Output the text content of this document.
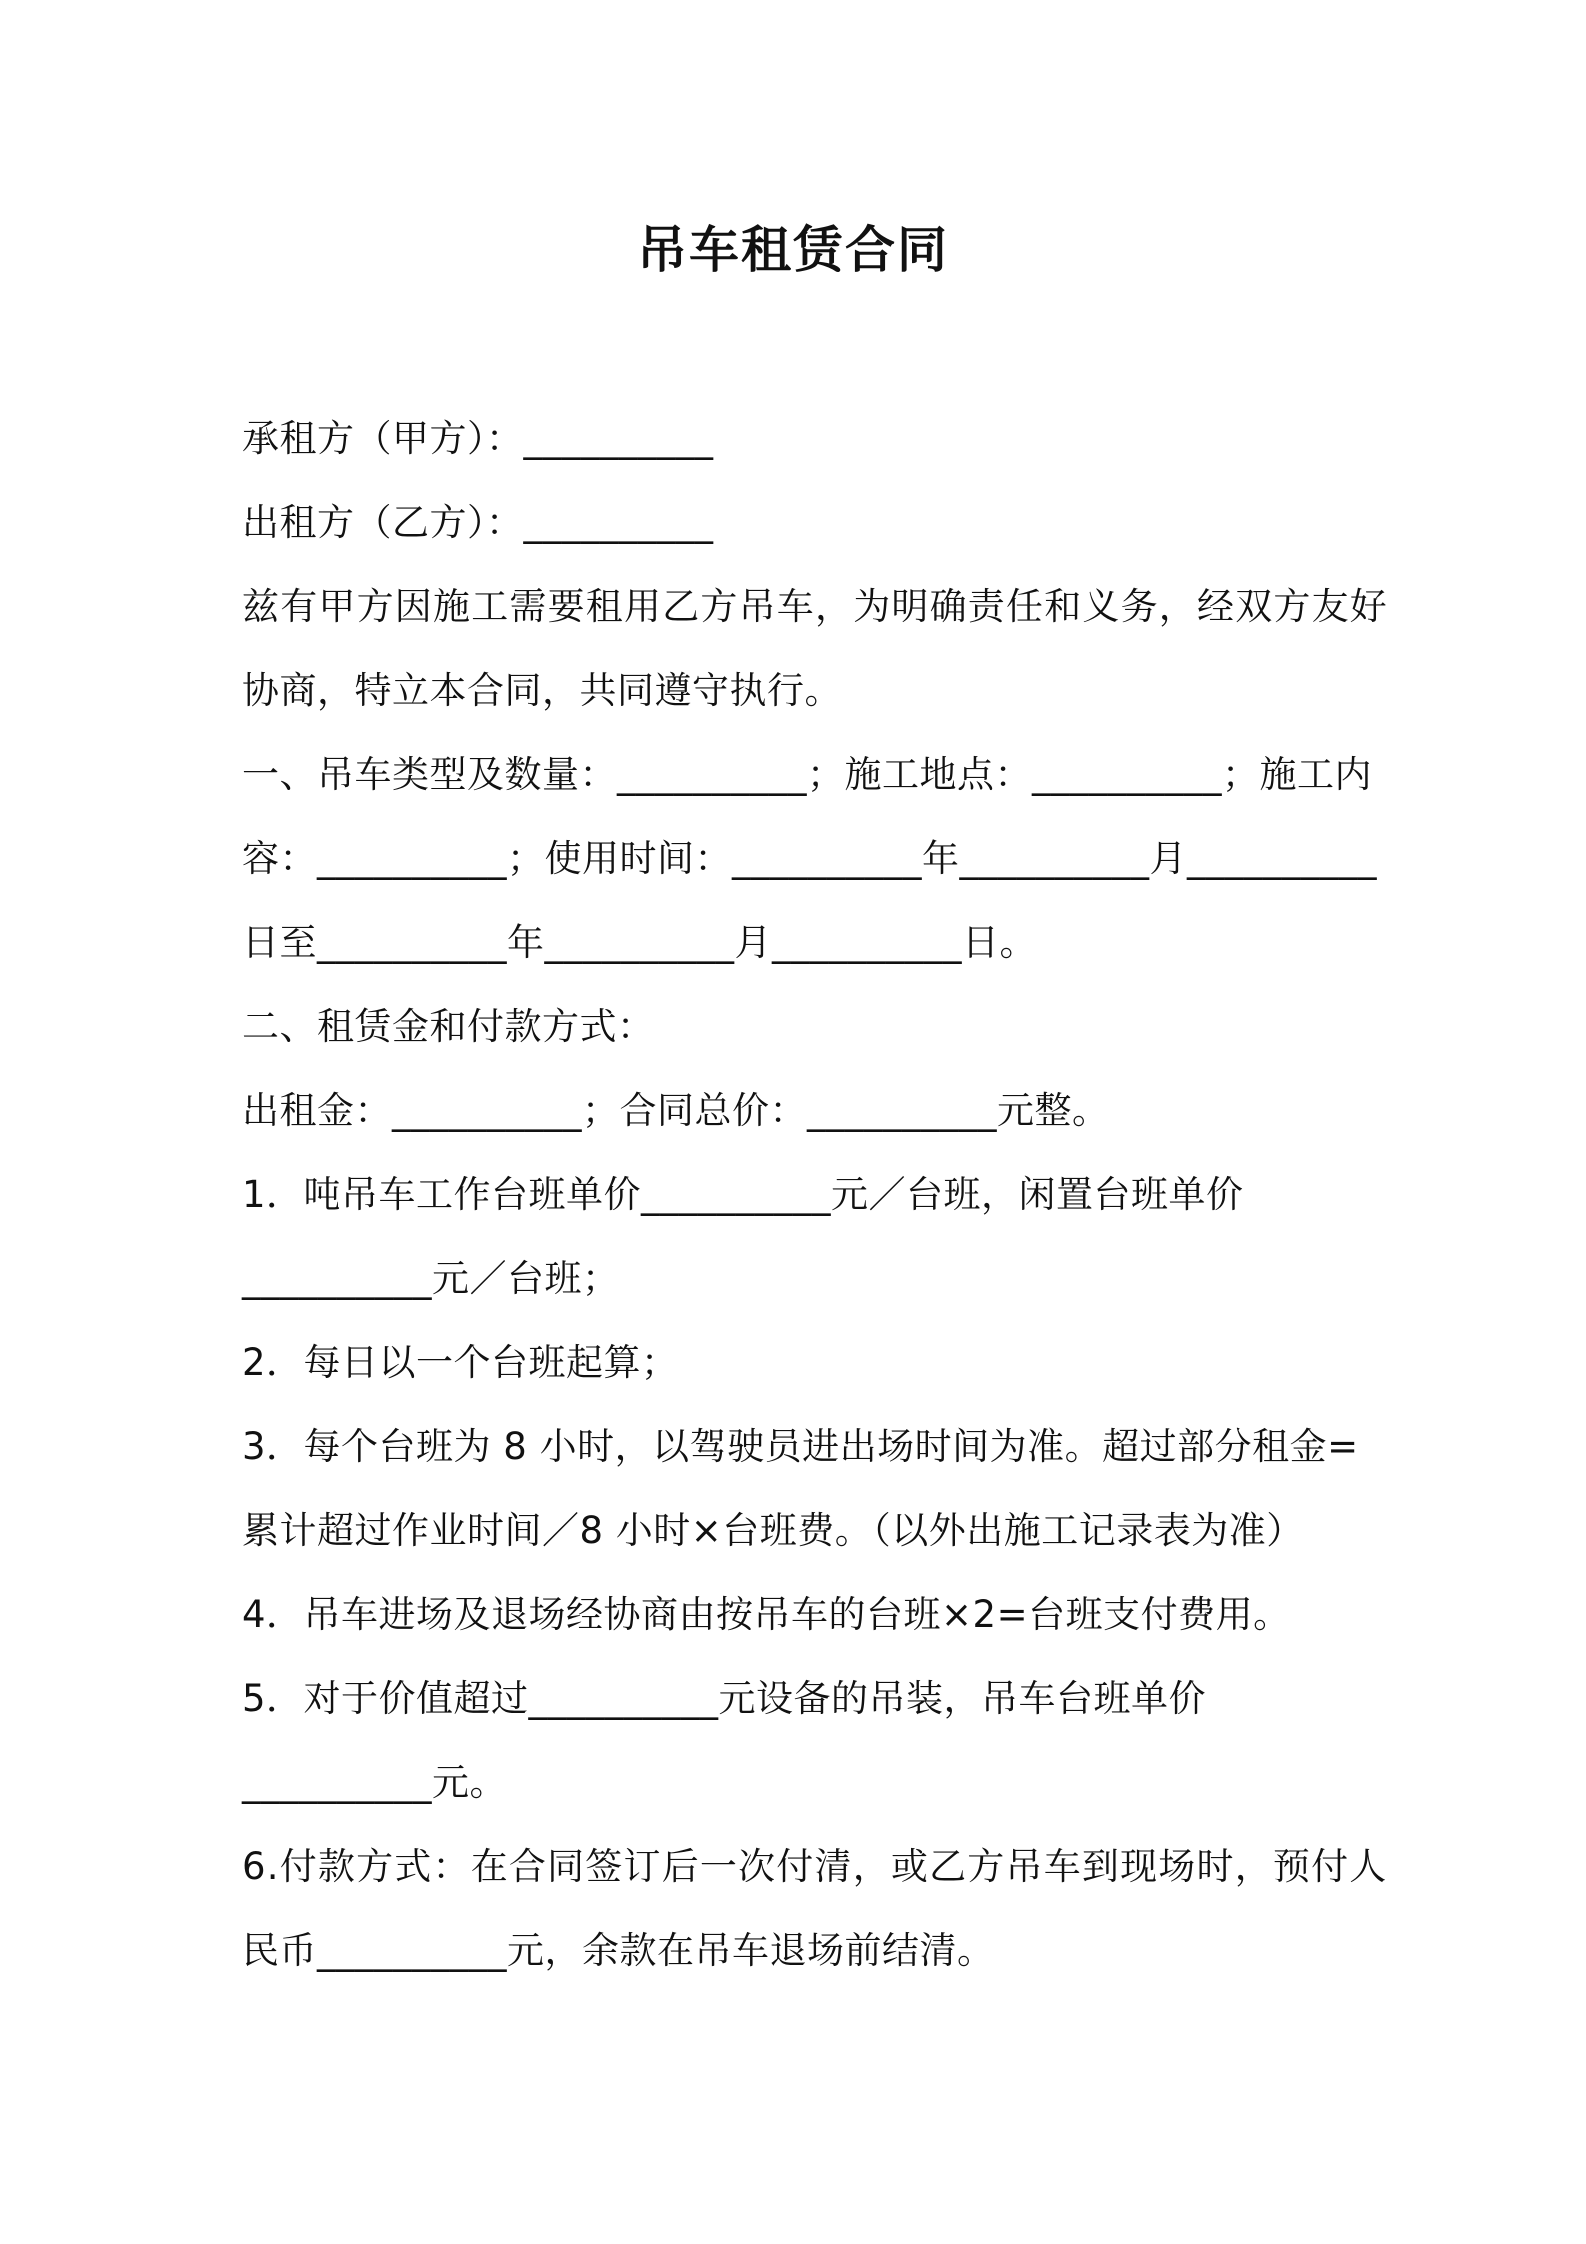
吊车租赁合同
承租方（甲方）：__________
出租方（乙方）：__________
兹有甲方因施工需要租用乙方吊车，为明确责任和义务，经双方友好
协商，特立本合同，共同遵守执行。
一、吊车类型及数量：__________；施工地点：__________；施工内
容：__________；使用时间：__________年__________月__________
日至__________年__________月__________日。
二、租赁金和付款方式：
出租金：__________；合同总价：__________元整。
1．吨吊车工作台班单价__________元／台班，闲置台班单价
__________元／台班；
2．每日以一个台班起算；
3．每个台班为 8 小时，以驾驶员进出场时间为准。超过部分租金=
累计超过作业时间／8 小时×台班费。（以外出施工记录表为准）
4．吊车进场及退场经协商由按吊车的台班×2=台班支付费用。
5．对于价值超过__________元设备的吊装，吊车台班单价
__________元。
6.付款方式：在合同签订后一次付清，或乙方吊车到现场时，预付人
民币__________元，余款在吊车退场前结清。
